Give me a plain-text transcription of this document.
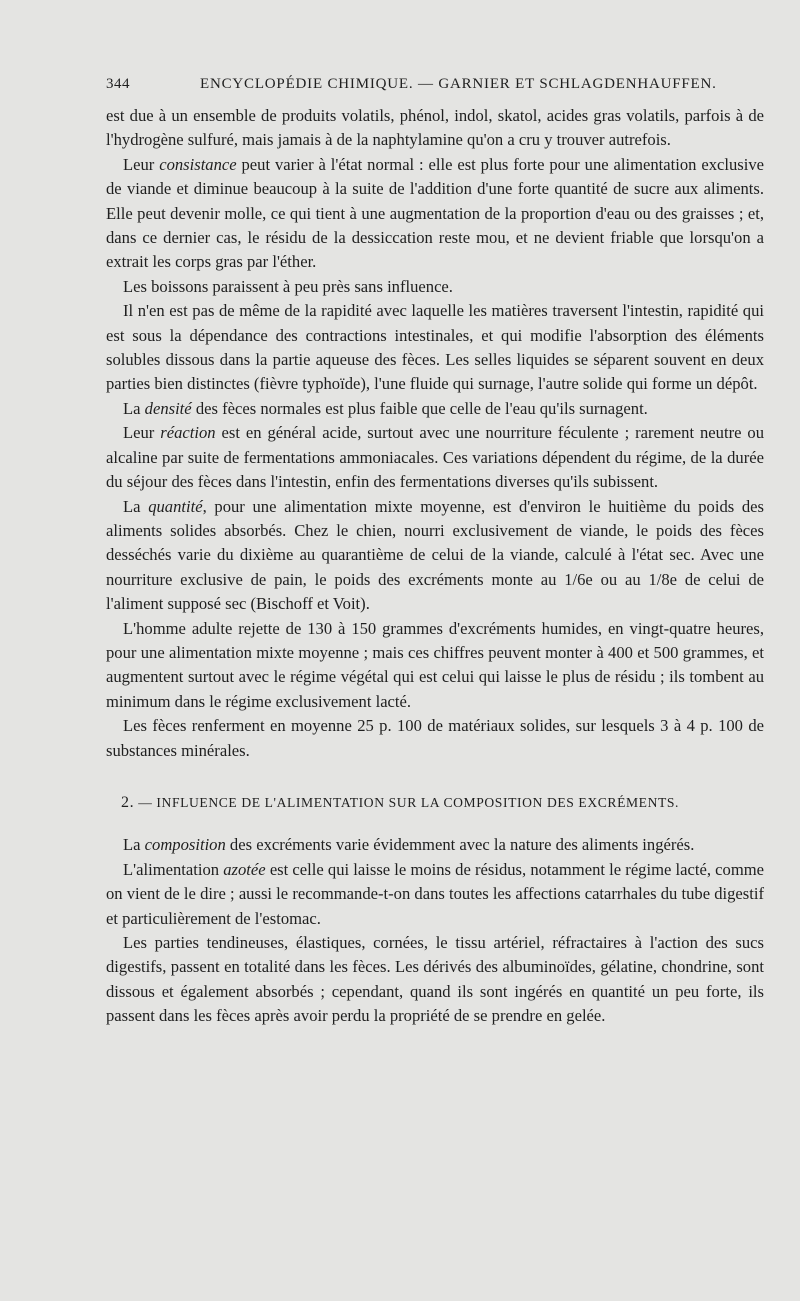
344	ENCYCLOPÉDIE CHIMIQUE. — GARNIER ET SCHLAGDENHAUFFEN.

est due à un ensemble de produits volatils, phénol, indol, skatol, acides gras volatils, parfois à de l'hydrogène sulfuré, mais jamais à de la naphtylamine qu'on a cru y trouver autrefois.

Leur consistance peut varier à l'état normal : elle est plus forte pour une alimentation exclusive de viande et diminue beaucoup à la suite de l'addition d'une forte quantité de sucre aux aliments. Elle peut devenir molle, ce qui tient à une augmentation de la proportion d'eau ou des graisses ; et, dans ce dernier cas, le résidu de la dessiccation reste mou, et ne devient friable que lorsqu'on a extrait les corps gras par l'éther.

Les boissons paraissent à peu près sans influence.

Il n'en est pas de même de la rapidité avec laquelle les matières traversent l'intestin, rapidité qui est sous la dépendance des contractions intestinales, et qui modifie l'absorption des éléments solubles dissous dans la partie aqueuse des fèces. Les selles liquides se séparent souvent en deux parties bien distinctes (fièvre typhoïde), l'une fluide qui surnage, l'autre solide qui forme un dépôt.

La densité des fèces normales est plus faible que celle de l'eau qu'ils surnagent.

Leur réaction est en général acide, surtout avec une nourriture féculente ; rarement neutre ou alcaline par suite de fermentations ammoniacales. Ces variations dépendent du régime, de la durée du séjour des fèces dans l'intestin, enfin des fermentations diverses qu'ils subissent.

La quantité, pour une alimentation mixte moyenne, est d'environ le huitième du poids des aliments solides absorbés. Chez le chien, nourri exclusivement de viande, le poids des fèces desséchés varie du dixième au quarantième de celui de la viande, calculé à l'état sec. Avec une nourriture exclusive de pain, le poids des excréments monte au 1/6e ou au 1/8e de celui de l'aliment supposé sec (Bischoff et Voit).

L'homme adulte rejette de 130 à 150 grammes d'excréments humides, en vingt-quatre heures, pour une alimentation mixte moyenne ; mais ces chiffres peuvent monter à 400 et 500 grammes, et augmentent surtout avec le régime végétal qui est celui qui laisse le plus de résidu ; ils tombent au minimum dans le régime exclusivement lacté.

Les fèces renferment en moyenne 25 p. 100 de matériaux solides, sur lesquels 3 à 4 p. 100 de substances minérales.

2. — INFLUENCE DE L'ALIMENTATION SUR LA COMPOSITION DES EXCRÉMENTS.

La composition des excréments varie évidemment avec la nature des aliments ingérés.

L'alimentation azotée est celle qui laisse le moins de résidus, notamment le régime lacté, comme on vient de le dire ; aussi le recommande-t-on dans toutes les affections catarrhales du tube digestif et particulièrement de l'estomac.

Les parties tendineuses, élastiques, cornées, le tissu artériel, réfractaires à l'action des sucs digestifs, passent en totalité dans les fèces. Les dérivés des albuminoïdes, gélatine, chondrine, sont dissous et également absorbés ; cependant, quand ils sont ingérés en quantité un peu forte, ils passent dans les fèces après avoir perdu la propriété de se prendre en gelée.
